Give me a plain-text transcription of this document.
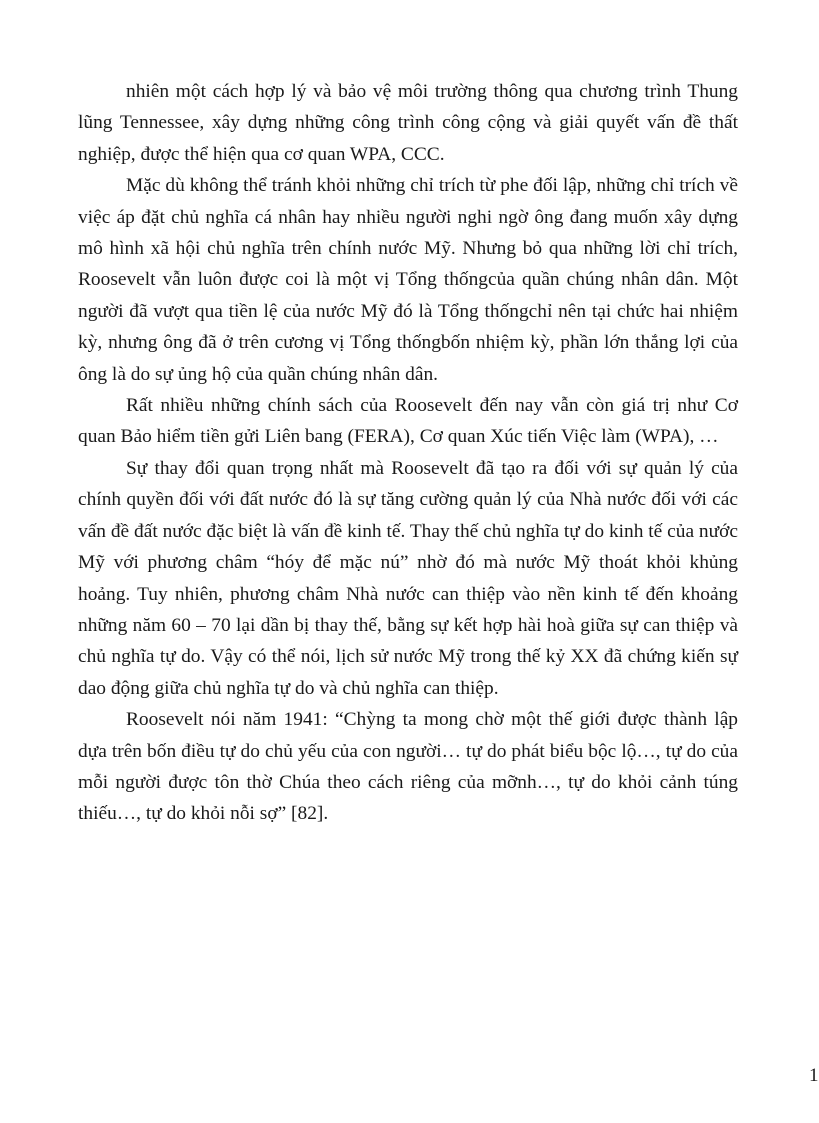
nhiên một cách hợp lý và bảo vệ môi trường thông qua chương trình Thung lũng Tennessee, xây dựng những công trình công cộng và giải quyết vấn đề thất nghiệp, được thể hiện qua cơ quan WPA, CCC.

Mặc dù không thể tránh khỏi những chỉ trích từ phe đối lập, những chỉ trích về việc áp đặt chủ nghĩa cá nhân hay nhiều người nghi ngờ ông đang muốn xây dựng mô hình xã hội chủ nghĩa trên chính nước Mỹ. Nhưng bỏ qua những lời chỉ trích, Roosevelt vẫn luôn được coi là một vị Tổng thốngcủa quần chúng nhân dân. Một người đã vượt qua tiền lệ của nước Mỹ đó là Tổng thốngchỉ nên tại chức hai nhiệm kỳ, nhưng ông đã ở trên cương vị Tổng thốngbốn nhiệm kỳ, phần lớn thắng lợi của ông là do sự ủng hộ của quần chúng nhân dân.

Rất nhiều những chính sách của Roosevelt đến nay vẫn còn giá trị như Cơ quan Bảo hiểm tiền gửi Liên bang (FERA), Cơ quan Xúc tiến Việc làm (WPA), …

Sự thay đổi quan trọng nhất mà Roosevelt đã tạo ra đối với sự quản lý của chính quyền đối với đất nước đó là sự tăng cường quản lý của Nhà nước đối với các vấn đề đất nước đặc biệt là vấn đề kinh tế. Thay thế chủ nghĩa tự do kinh tế của nước Mỹ với phương châm “hóy để mặc nú” nhờ đó mà nước Mỹ thoát khỏi khủng hoảng. Tuy nhiên, phương châm Nhà nước can thiệp vào nền kinh tế đến khoảng những năm 60 – 70 lại dần bị thay thế, bằng sự kết hợp hài hoà giữa sự can thiệp và chủ nghĩa tự do. Vậy có thể nói, lịch sử nước Mỹ trong thế kỷ XX đã chứng kiến sự dao động giữa chủ nghĩa tự do và chủ nghĩa can thiệp.

Roosevelt nói năm 1941: “Chỳng ta mong chờ một thế giới được thành lập dựa trên bốn điều tự do chủ yếu của con người… tự do phát biểu bộc lộ…, tự do của mỗi người được tôn thờ Chúa theo cách riêng của mỡnh…, tự do khỏi cảnh túng thiếu…, tự do khỏi nỗi sợ” [82].

1
